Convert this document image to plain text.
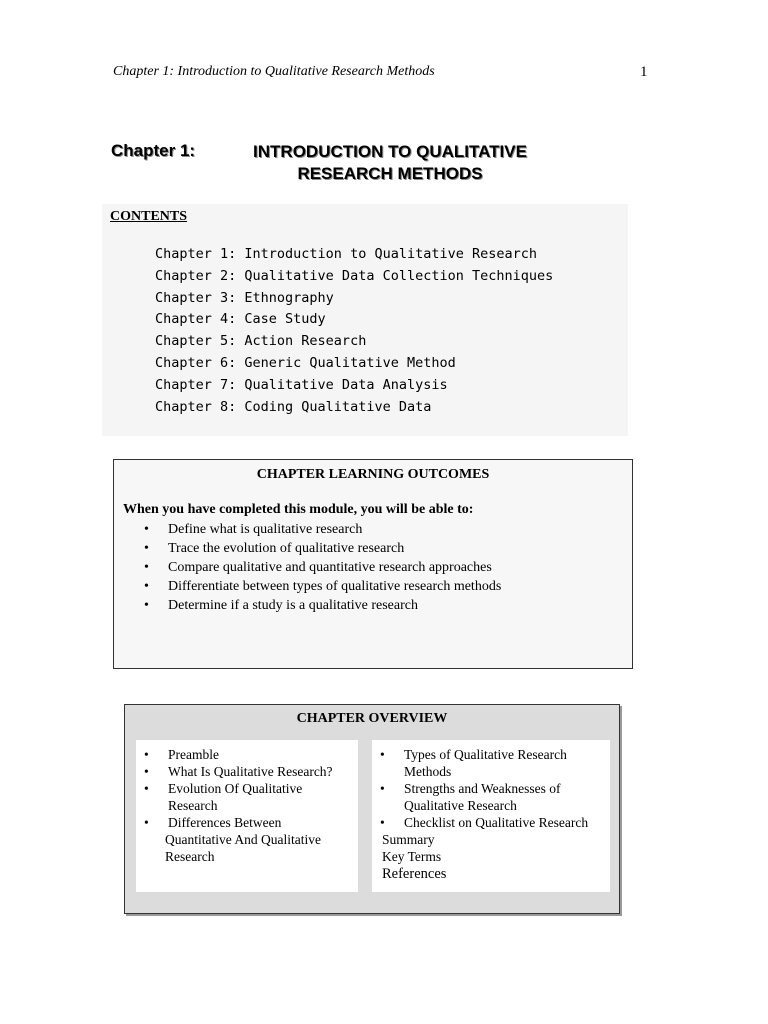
Chapter 1: Introduction to Qualitative Research Methods	1
Chapter 1:	INTRODUCTION TO QUALITATIVE
RESEARCH METHODS
CONTENTS
Chapter 1: Introduction to Qualitative Research
Chapter 2: Qualitative Data Collection Techniques
Chapter 3: Ethnography
Chapter 4: Case Study
Chapter 5: Action Research
Chapter 6: Generic Qualitative Method
Chapter 7: Qualitative Data Analysis
Chapter 8: Coding Qualitative Data
CHAPTER LEARNING OUTCOMES
When you have completed this module, you will be able to:
• Define what is qualitative research
• Trace the evolution of qualitative research
• Compare qualitative and quantitative research approaches
• Differentiate between types of qualitative research methods
• Determine if a study is a qualitative research
CHAPTER OVERVIEW
• Preamble
• What Is Qualitative Research?
• Evolution Of Qualitative Research
• Differences Between
Quantitative And Qualitative
Research
• Types of Qualitative Research Methods
• Strengths and Weaknesses of Qualitative Research
• Checklist on Qualitative Research
Summary
Key Terms
References
